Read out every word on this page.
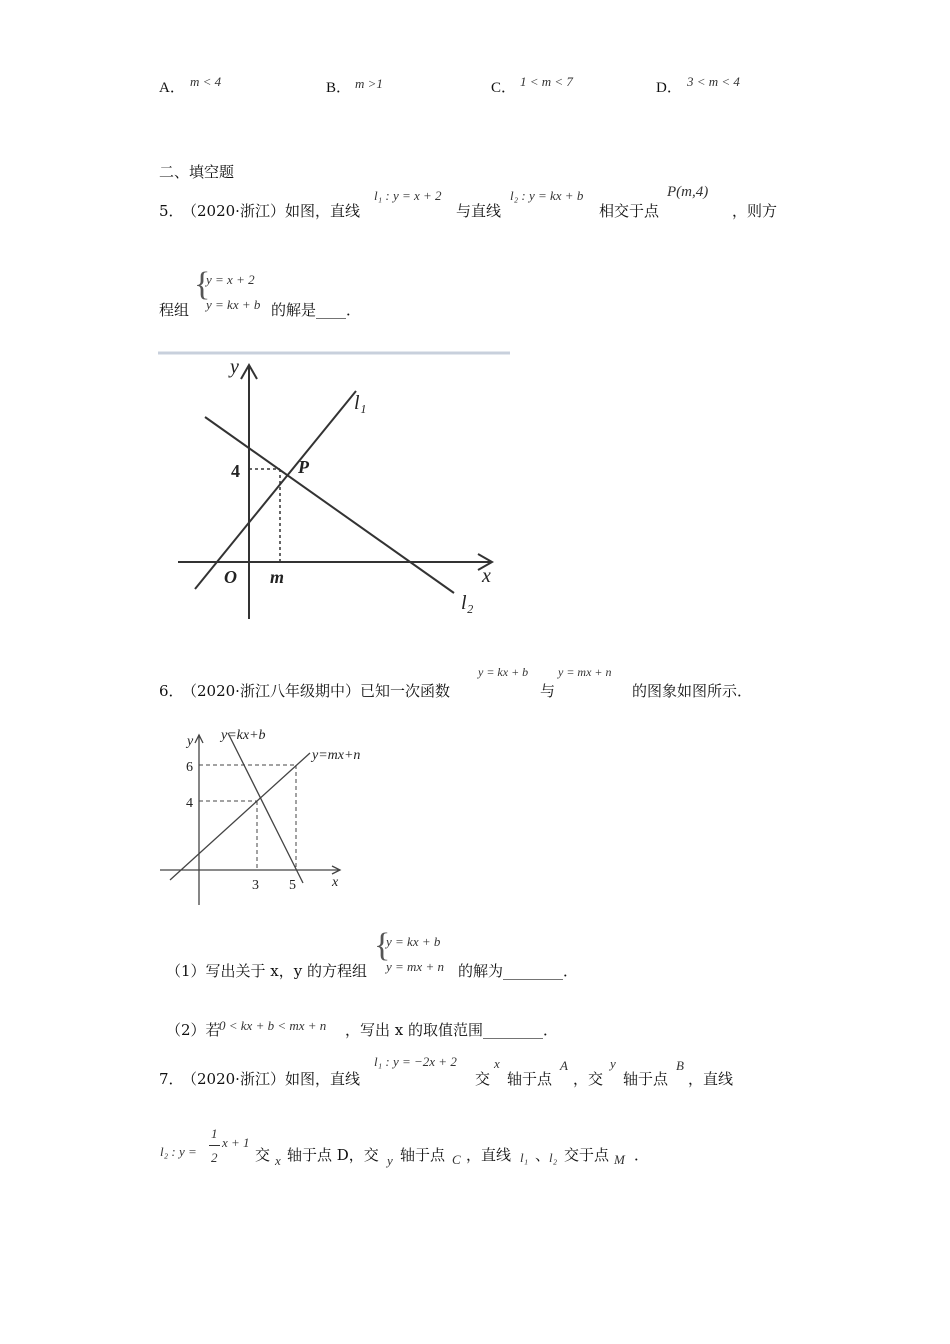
A． m < 4	B． m >1	C． 1 < m < 7	D． 3 < m < 4
二、填空题
5．
（2020·浙江）如图，直线
l₁ : y = x + 2
与直线
l₂ : y = kx + b
相交于点
P(m,4)
，则方
程组
{
y = x + 2
y = kx + b 的解是____．
y
x
O m
4	P
l₁
l₂
6．
（2020·浙江八年级期中）已知一次函数
y = kx + b
与
y = mx + n
的图象如图所示．
y=kx+b
y=mx+n
y
x
6
4
3 5
（1）写出关于 x，y 的方程组
{
y = kx + b
y = mx + n 的解为________．
（2）若
0 < kx + b < mx + n ，写出 x 的取值范围________．
7．
（2020·浙江）如图，直线
l₁ : y = −2x + 2
交
x
轴于点
A
，交
y
轴于点
B
，直线
l₂ : y =
1
2
x + 1
交 x 轴于点 D，交 y 轴于点 C ，直线 l₁ 、
l₂ 交于点 M ．
